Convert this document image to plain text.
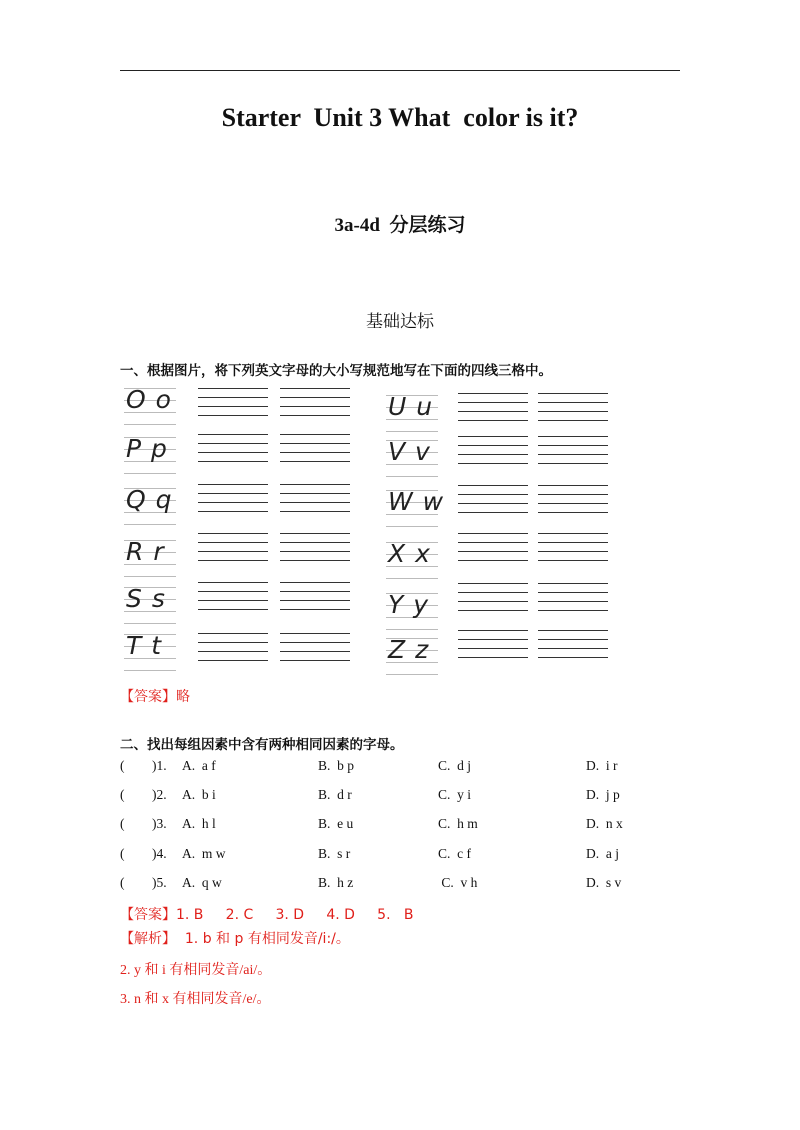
Starter  Unit 3 What  color is it?
3a-4d  分层练习
基础达标
一、根据图片，将下列英文字母的大小写规范地写在下面的四线三格中。
O o
P p
Q q
R r
S s
T t
U u
V v
W w
X x
Y y
Z z
【答案】略
二、找出每组因素中含有两种相同因素的字母。
( )1. A.  a f	B.  b p	C.  d j	D.  i r
( )2. A.  b i	B.  d r	C.  y i	D.  j p
( )3. A.  h l	B.  e u	C.  h m	D.  n x
( )4. A.  m w	B.  s r	C.  c f	D.  a j
( )5. A.  q w	B.  h z	C.  v h	D.  s v
【答案】1. B     2. C     3. D     4. D     5.   B
【解析】  1. b 和 p 有相同发音/i:/。
2. y 和 i 有相同发音/ai/。
3. n 和 x 有相同发音/e/。
